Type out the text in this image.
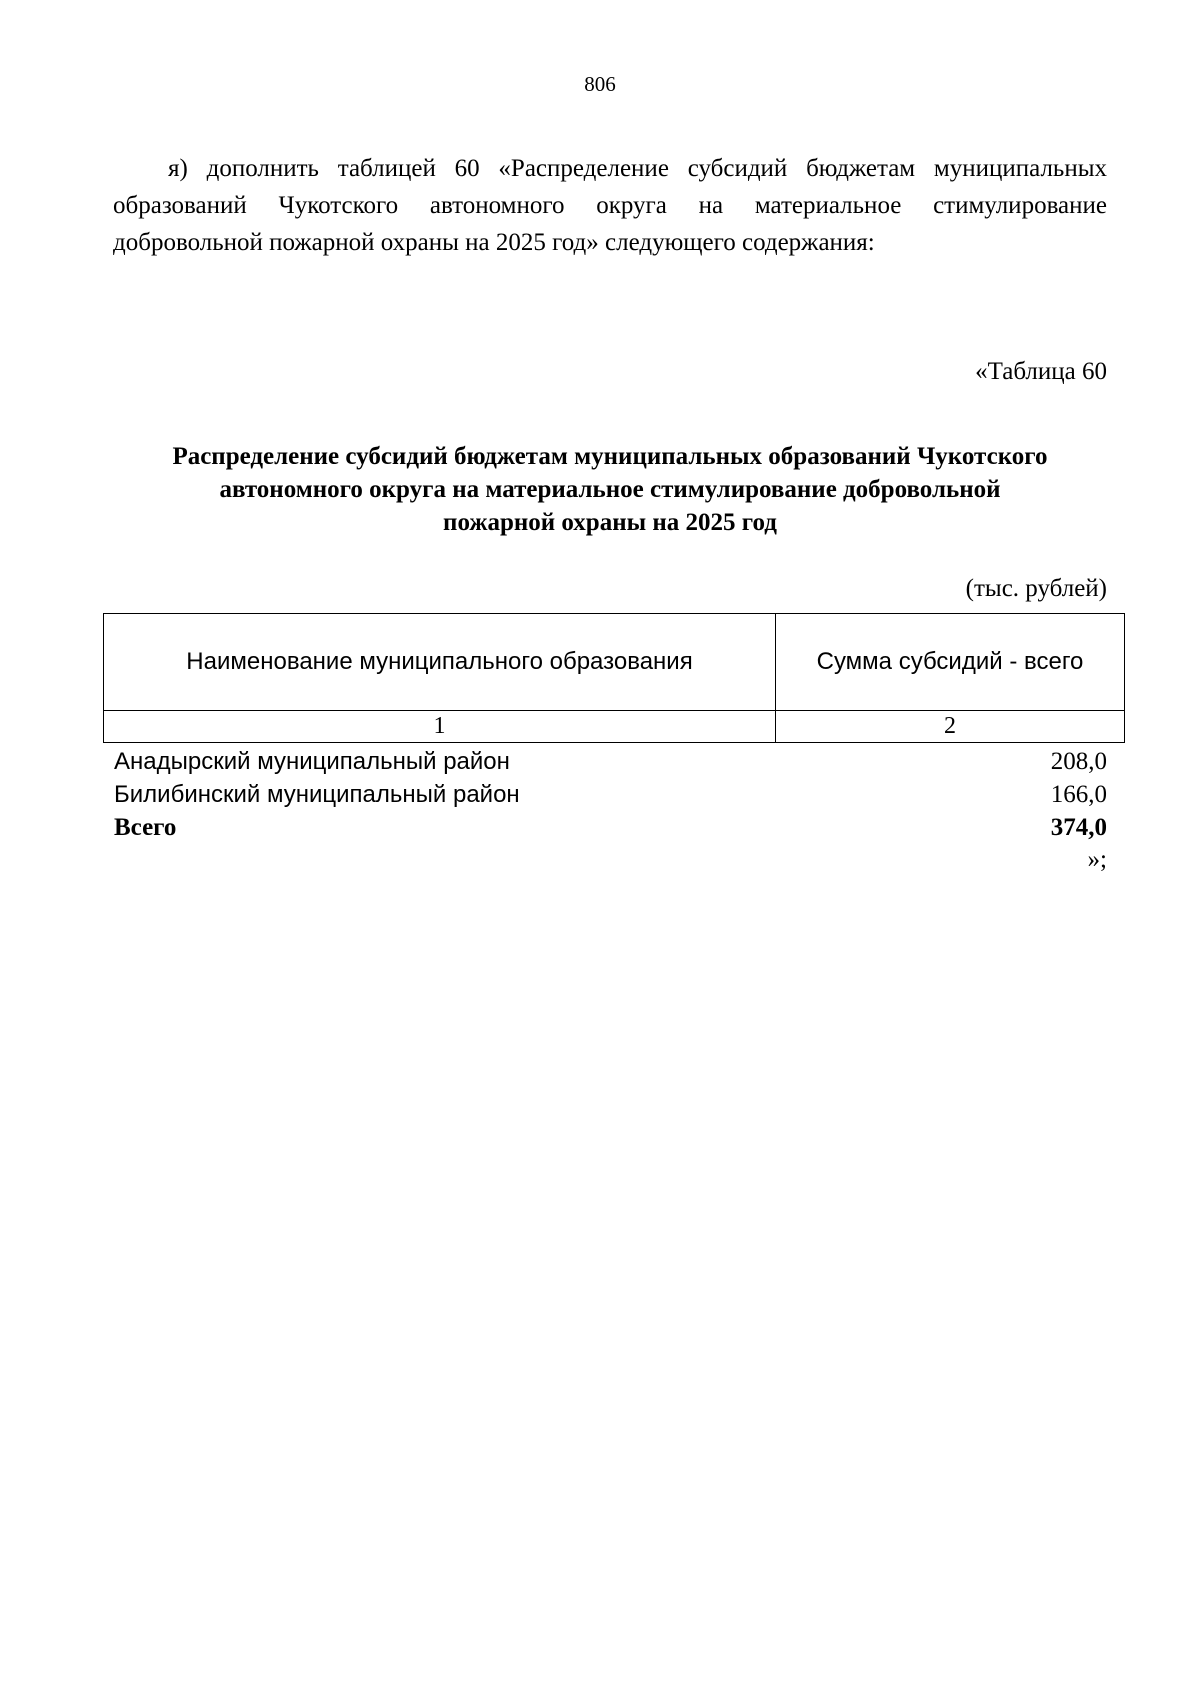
806

я) дополнить таблицей 60 «Распределение субсидий бюджетам муниципальных образований Чукотского автономного округа на материальное стимулирование добровольной пожарной охраны на 2025 год» следующего содержания:

«Таблица 60
Распределение субсидий бюджетам муниципальных образований Чукотского
автономного округа на материальное стимулирование добровольной
пожарной охраны на 2025 год
(тыс. рублей)
Наименование муниципального образования	Сумма субсидий - всего
1	2
Анадырский муниципальный район	208,0
Билибинский муниципальный район	166,0
Всего	374,0
»;
